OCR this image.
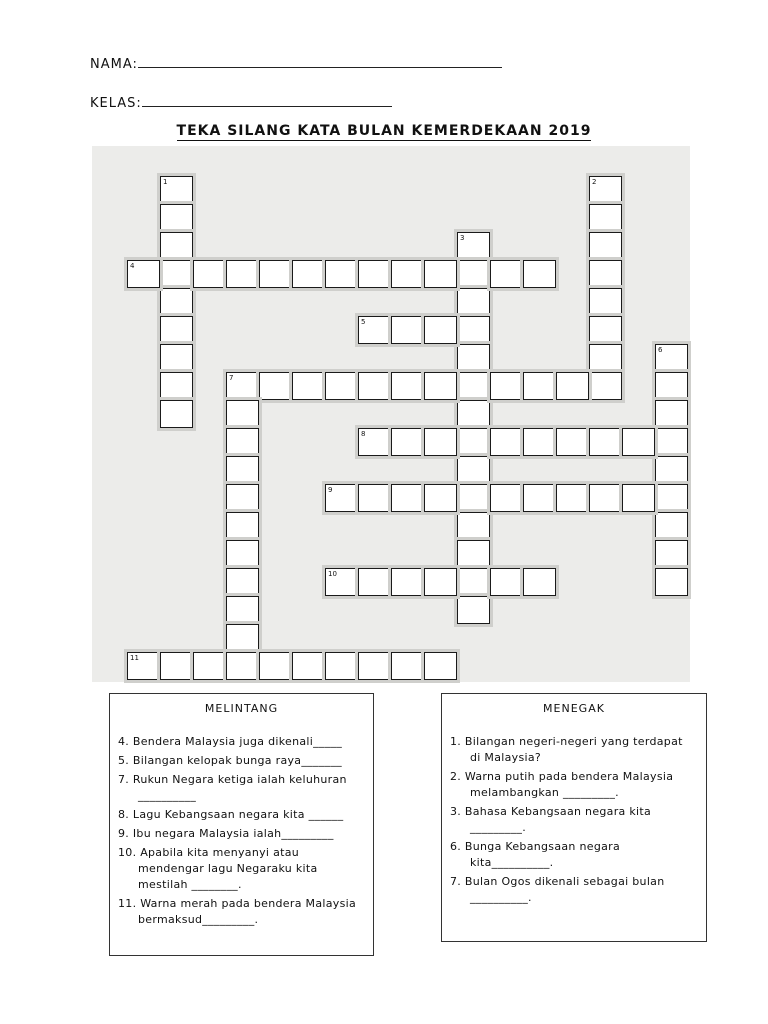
NAMA:
KELAS:
TEKA SILANG KATA BULAN KEMERDEKAAN 2019
1	2
3
4
5
6
7
8
9
10
11
MELINTANG
4. Bendera Malaysia juga dikenali_____
5. Bilangan kelopak bunga raya_______
7. Rukun Negara ketiga ialah keluhuran
__________
8. Lagu Kebangsaan negara kita ______
9. Ibu negara Malaysia ialah_________
10. Apabila kita menyanyi atau
mendengar lagu Negaraku kita
mestilah ________.
11. Warna merah pada bendera Malaysia
bermaksud_________.
MENEGAK
1. Bilangan negeri-negeri yang terdapat
di Malaysia?
2. Warna putih pada bendera Malaysia
melambangkan _________.
3. Bahasa Kebangsaan negara kita
_________.
6. Bunga Kebangsaan negara
kita__________.
7. Bulan Ogos dikenali sebagai bulan
__________.
